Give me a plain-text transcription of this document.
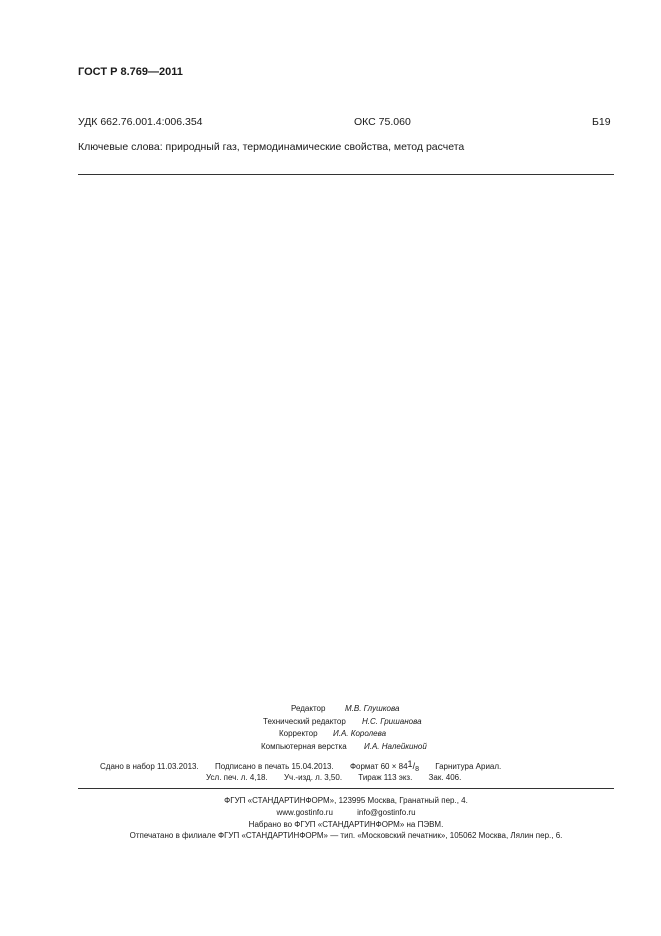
ГОСТ Р 8.769—2011
УДК 662.76.001.4:006.354	ОКС 75.060	Б19
Ключевые слова: природный газ, термодинамические свойства, метод расчета
Редактор М.В. Глушкова
Технический редактор Н.С. Гришанова
Корректор И.А. Королева
Компьютерная верстка И.А. Налейкиной
Сдано в набор 11.03.2013. Подписано в печать 15.04.2013. Формат $60 \times 841/_8$ Гарнитура Ариал.
Усл. печ. л. 4,18. Уч.-изд. л. 3,50. Тираж 113 экз. Зак. 406.
ФГУП «СТАНДАРТИНФОРМ», 123995 Москва, Гранатный пер., 4.
www.gostinfo.ru	info@gostinfo.ru
Набрано во ФГУП «СТАНДАРТИНФОРМ» на ПЭВМ.
Отпечатано в филиале ФГУП «СТАНДАРТИНФОРМ» — тип. «Московский печатник», 105062 Москва, Лялин пер., 6.
